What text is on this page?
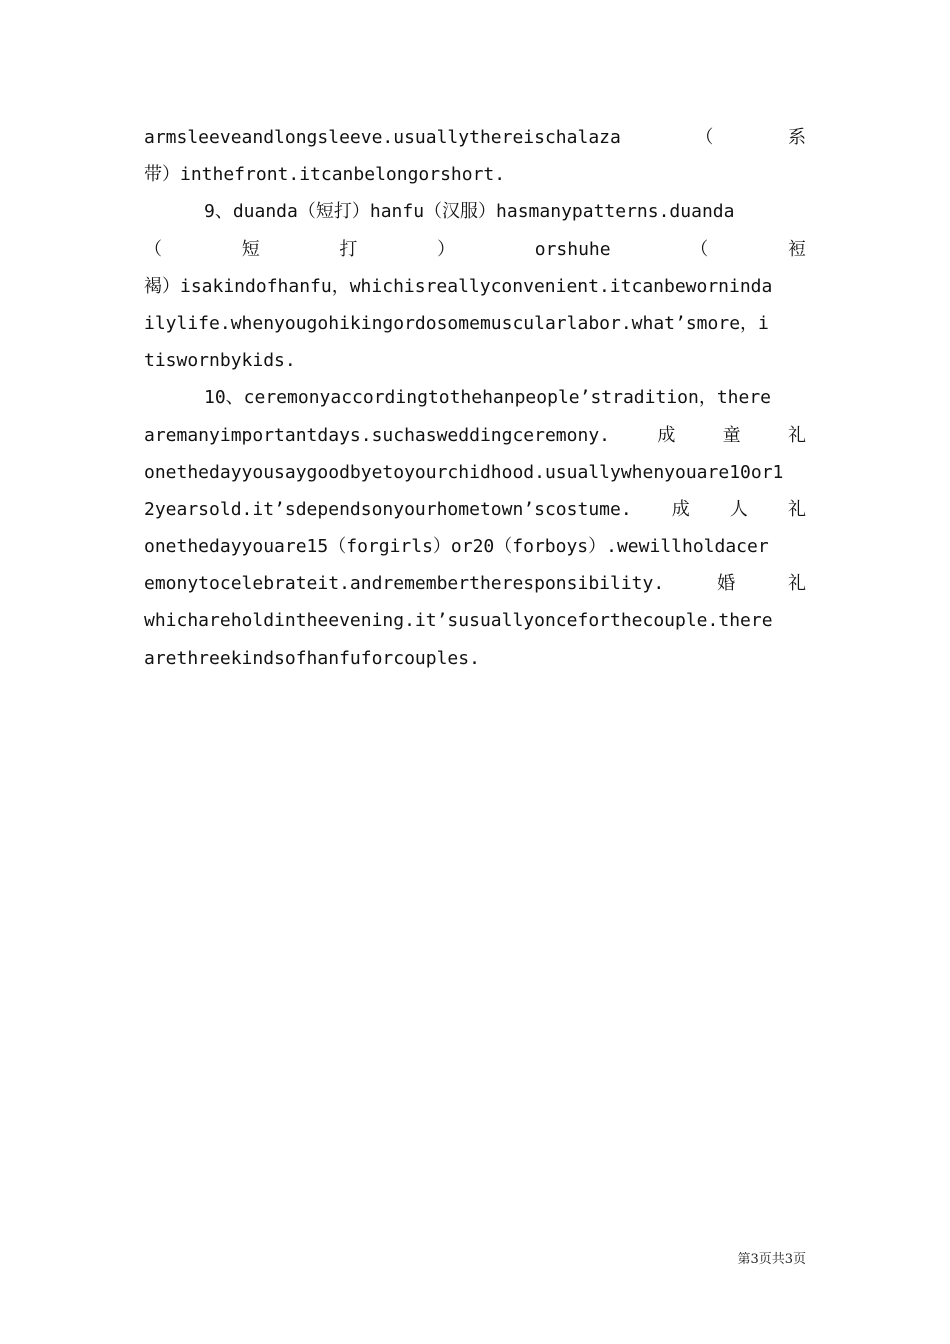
armsleeveandlongsleeve.usuallythereischalaza	（	系
带）inthefront.itcanbelongorshort.
9、duanda（短打）hanfu（汉服）hasmanypatterns.duanda
（	短	打	）	orshuhe	（	裋
褐）isakindofhanfu，whichisreallyconvenient.itcanbeworninda
ilylife.whenyougohikingordosomemuscularlabor.what’smore，i
tiswornbykids.
10、ceremonyaccordingtothehanpeople’stradition，there
aremanyimportantdays.suchasweddingceremony.	成	童	礼
onethedayyousaygoodbyetoyourchidhood.usuallywhenyouare10or1
2yearsold.it’sdependsonyourhometown’scostume. 成 人 礼
onethedayyouare15（forgirls）or20（forboys）.wewillholdacer
emonytocelebrateit.andremembertheresponsibility.	婚	礼
whichareholdintheevening.it’susuallyonceforthecouple.there
arethreekindsofhanfuforcouples.
第3页共3页
